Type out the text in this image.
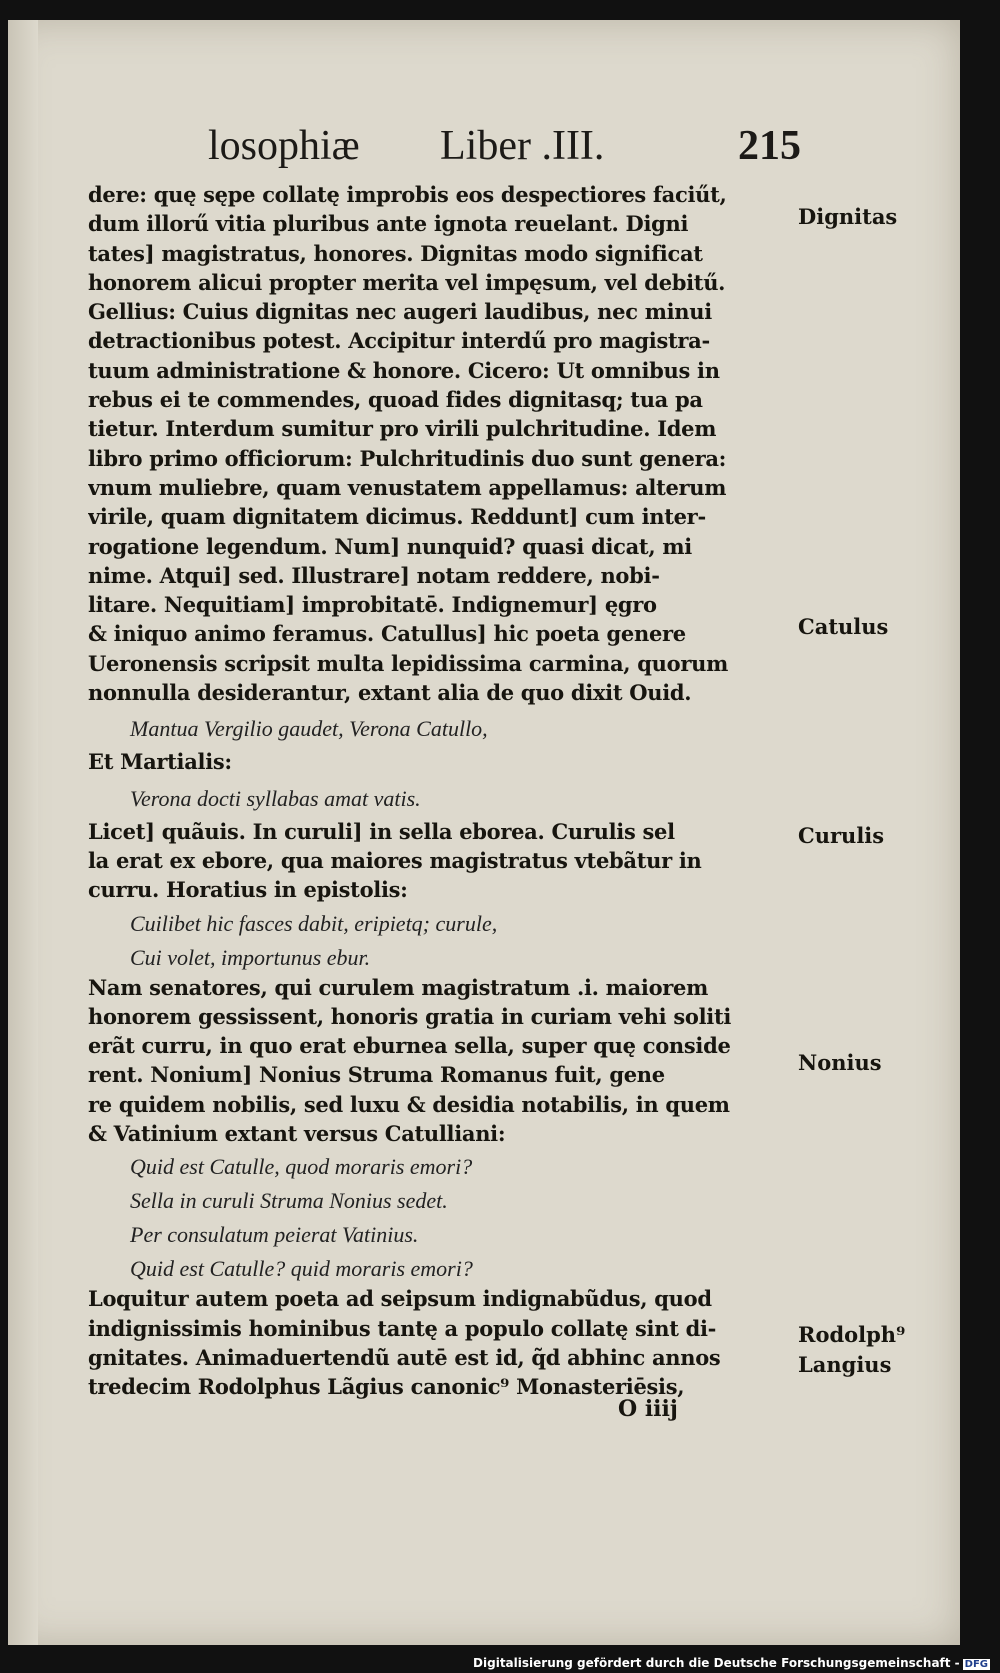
losophiæ Liber .III.	215
dere: quę sępe collatę improbis eos despectiores faciűt,
dum illorű vitia pluribus ante ignota reuelant. Digni
tates] magistratus, honores. Dignitas modo significat
honorem alicui propter merita vel impęsum, vel debitű.
Gellius: Cuius dignitas nec augeri laudibus, nec minui
detractionibus potest. Accipitur interdű pro magistra-
tuum administratione & honore. Cicero: Ut omnibus in
rebus ei te commendes, quoad fides dignitasq; tua pa
tietur. Interdum sumitur pro virili pulchritudine. Idem
libro primo officiorum: Pulchritudinis duo sunt genera:
vnum muliebre, quam venustatem appellamus: alterum
virile, quam dignitatem dicimus. Reddunt] cum inter-
rogatione legendum. Num] nunquid? quasi dicat, mi
nime. Atqui] sed. Illustrare] notam reddere, nobi-
litare. Nequitiam] improbitatē. Indignemur] ęgro
& iniquo animo feramus. Catullus] hic poeta genere
Ueronensis scripsit multa lepidissima carmina, quorum
nonnulla desiderantur, extant alia de quo dixit Ouid.
Mantua Vergilio gaudet, Verona Catullo,
Et Martialis:
Verona docti syllabas amat vatis.
Licet] quãuis. In curuli] in sella eborea. Curulis sel
la erat ex ebore, qua maiores magistratus vtebãtur in
curru. Horatius in epistolis:
Cuilibet hic fasces dabit, eripietq; curule,
Cui volet, importunus ebur.
Nam senatores, qui curulem magistratum .i. maiorem
honorem gessissent, honoris gratia in curiam vehi soliti
erãt curru, in quo erat eburnea sella, super quę conside
rent. Nonium] Nonius Struma Romanus fuit, gene
re quidem nobilis, sed luxu & desidia notabilis, in quem
& Vatinium extant versus Catulliani:
Quid est Catulle, quod moraris emori?
Sella in curuli Struma Nonius sedet.
Per consulatum peierat Vatinius.
Quid est Catulle? quid moraris emori?
Loquitur autem poeta ad seipsum indignabũdus, quod
indignissimis hominibus tantę a populo collatę sint di-
gnitates. Animaduertendũ autē est id, q̃d abhinc annos
tredecim Rodolphus Lãgius canonic⁹ Monasteriēsis,
Dignitas
Catulus
Curulis
Nonius
Rodolph⁹
Langius
O iiij
Digitalisierung gefördert durch die Deutsche Forschungsgemeinschaft - DFG
